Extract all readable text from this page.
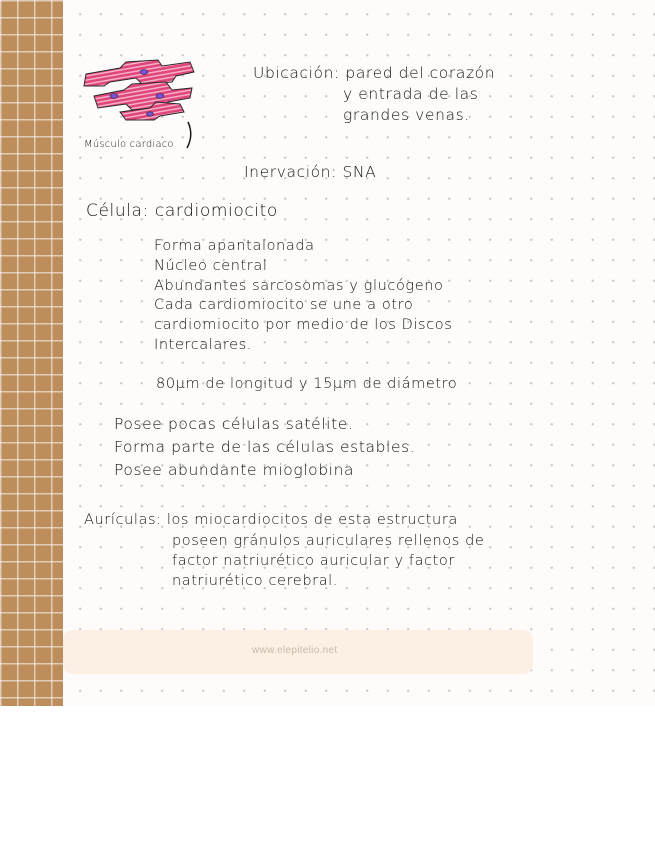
Músculo cardiaco
Ubicación: pared del corazón
y entrada de las
grandes venas.
Inervación: SNA
Célula: cardiomiocito
Forma apantalonada
Núcleo central
Abundantes sarcosomas y glucógeno
Cada cardiomiocito se une a otro
cardiomiocito por medio de los Discos
Intercalares.
80µm de longitud y 15µm de diámetro
Posee pocas células satélite.
Forma parte de las células estables.
Posee abundante mioglobina
Aurículas: los miocardiocitos de esta estructura
poseen gránulos auriculares rellenos de
factor natriurético auricular y factor
natriurético cerebral.
www.elepitelio.net
